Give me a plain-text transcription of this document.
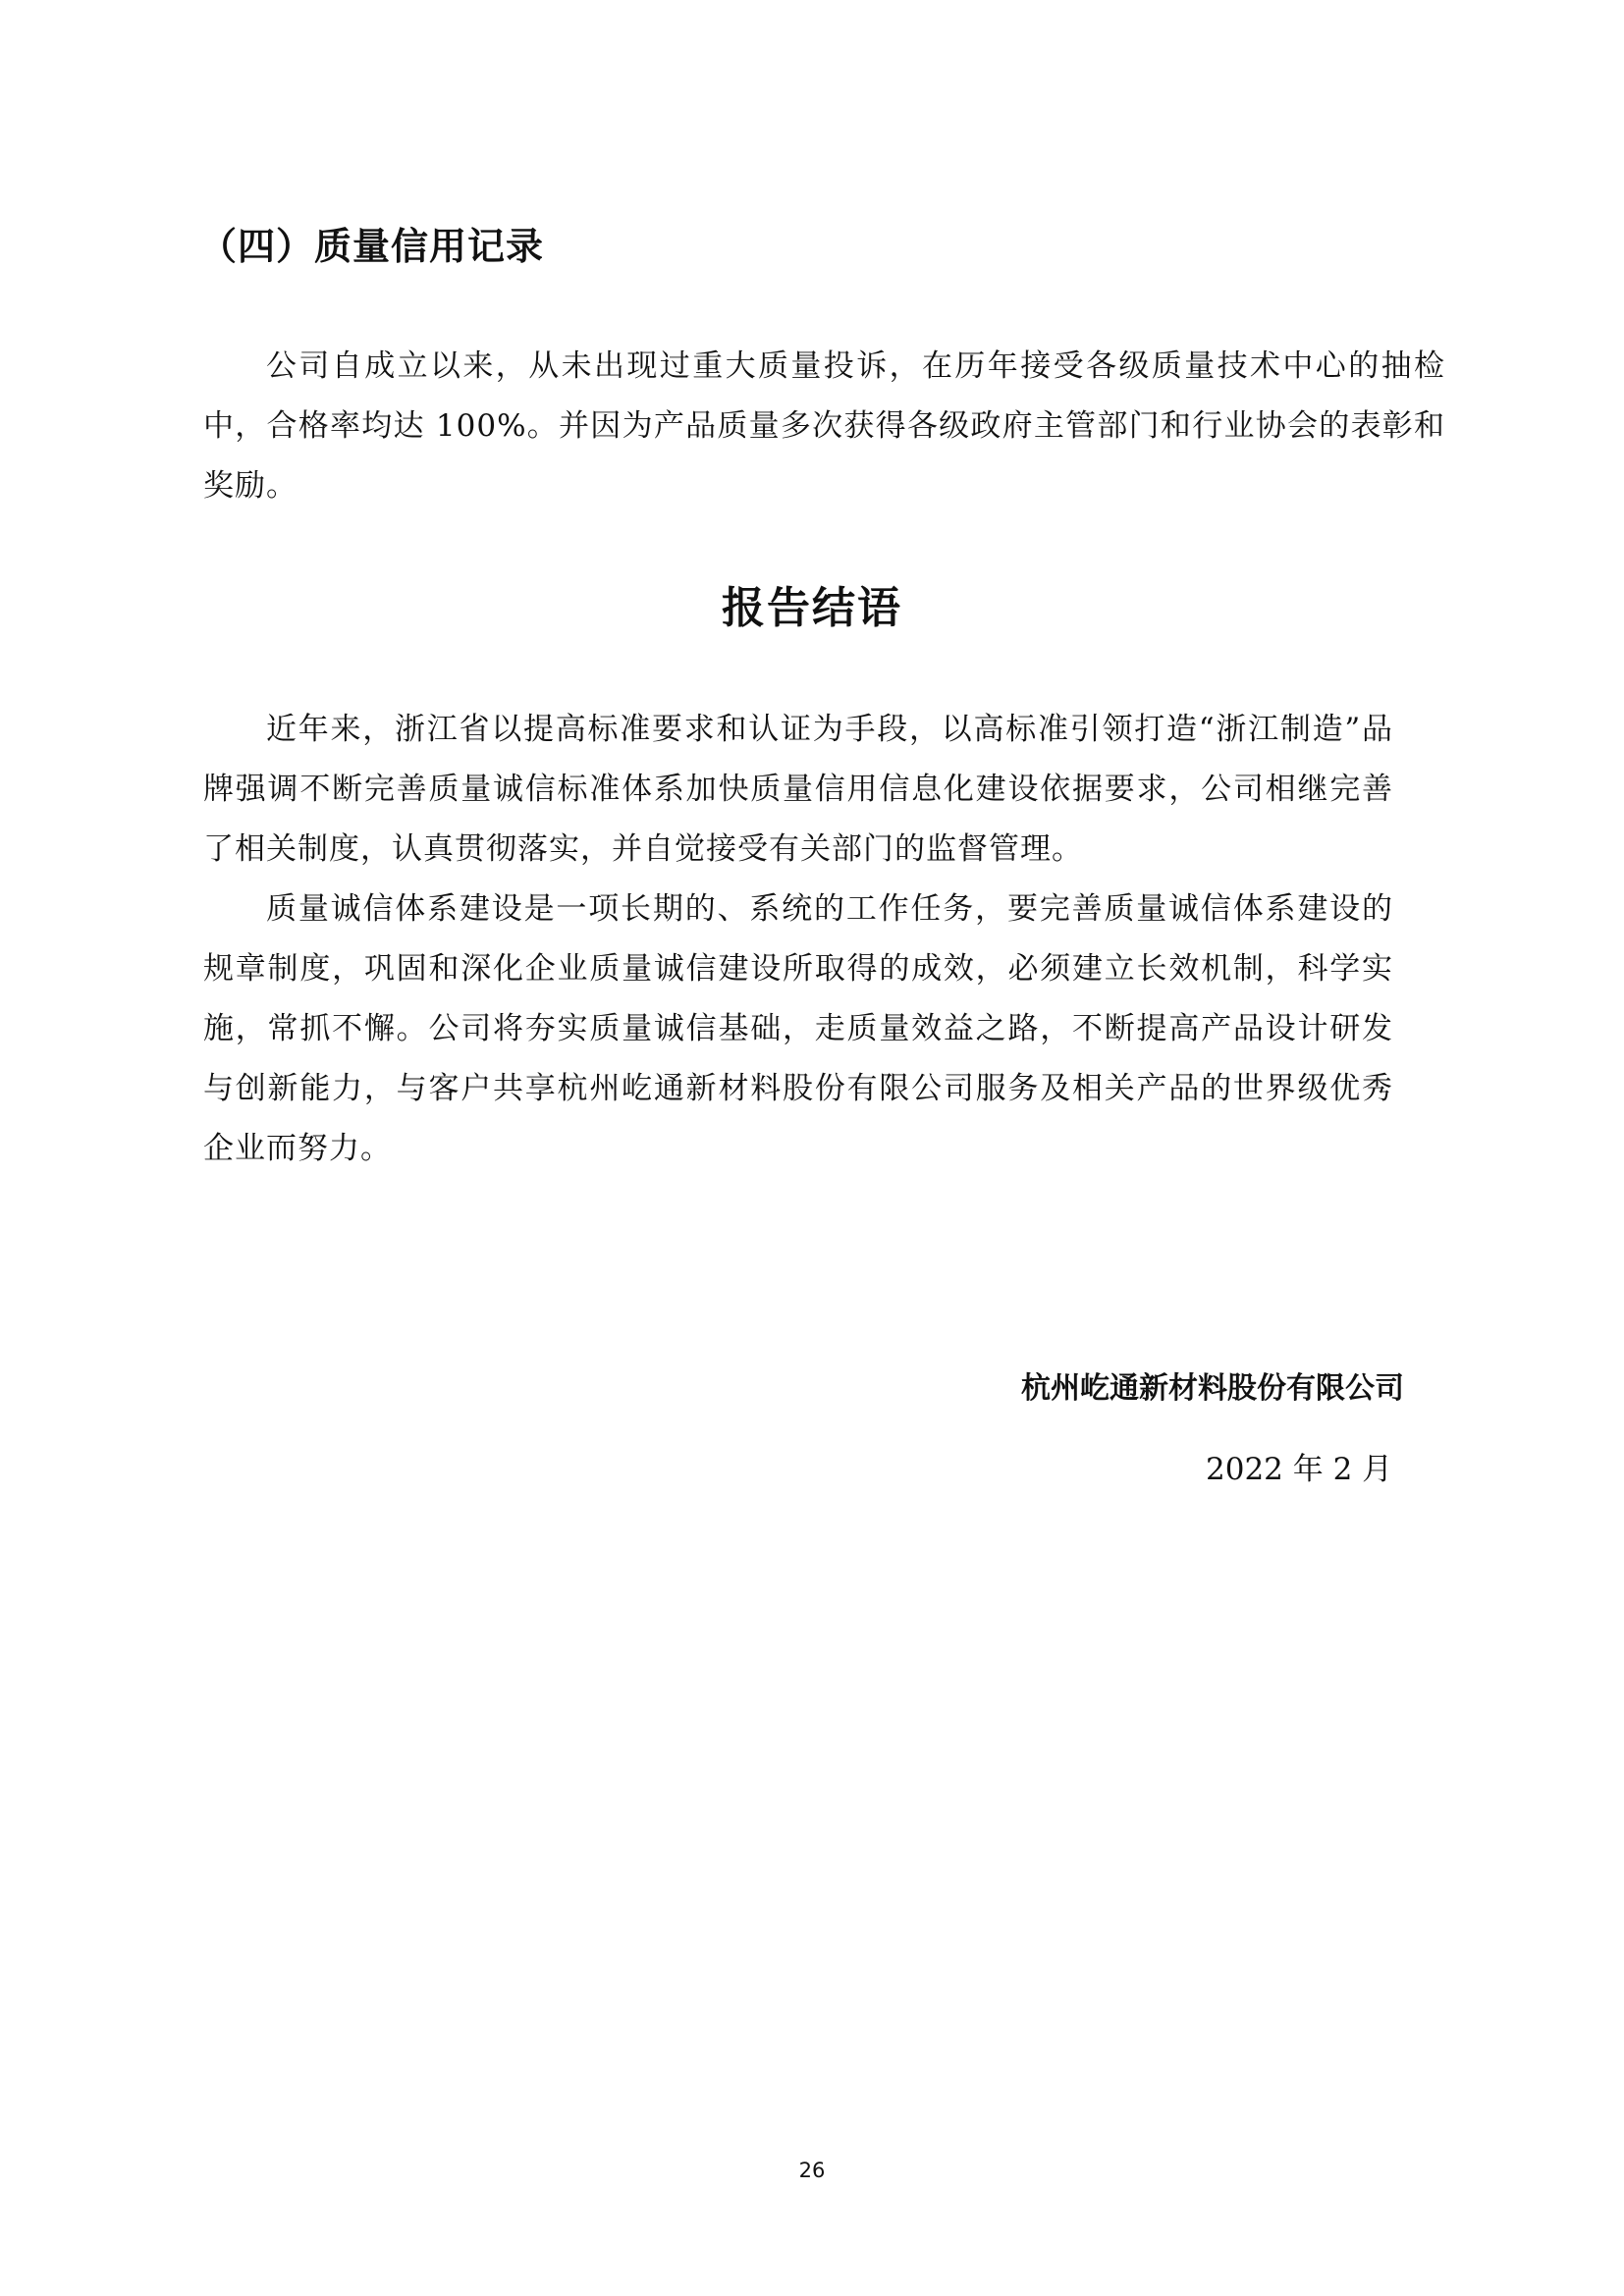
（四）质量信用记录

公司自成立以来，从未出现过重大质量投诉，在历年接受各级质量技术中心的抽检中，合格率均达 100%。并因为产品质量多次获得各级政府主管部门和行业协会的表彰和奖励。

报告结语

近年来，浙江省以提高标准要求和认证为手段，以高标准引领打造“浙江制造”品牌强调不断完善质量诚信标准体系加快质量信用信息化建设依据要求，公司相继完善了相关制度，认真贯彻落实，并自觉接受有关部门的监督管理。

质量诚信体系建设是一项长期的、系统的工作任务，要完善质量诚信体系建设的规章制度，巩固和深化企业质量诚信建设所取得的成效，必须建立长效机制，科学实施，常抓不懈。公司将夯实质量诚信基础，走质量效益之路，不断提高产品设计研发与创新能力，与客户共享杭州屹通新材料股份有限公司服务及相关产品的世界级优秀企业而努力。

杭州屹通新材料股份有限公司

2022 年 2 月

26
